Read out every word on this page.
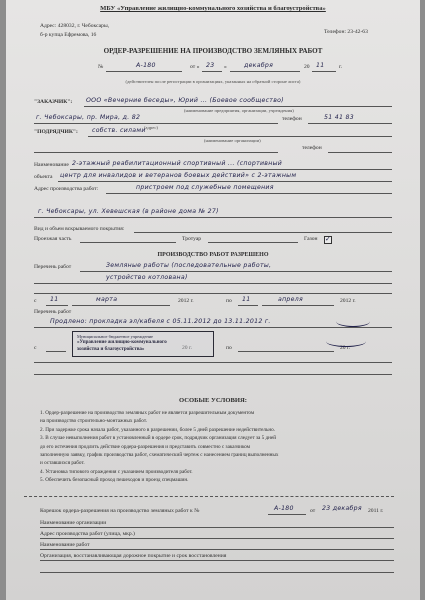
МБУ «Управление жилищно-коммунального хозяйства и благоустройства»
Адрес: 428032, г. Чебоксары,
б-р купца Ефремова, 16	Телефон: 23-42-63
ОРДЕР-РАЗРЕШЕНИЕ НА ПРОИЗВОДСТВО ЗЕМЛЯНЫХ РАБОТ
№	А-180	от « 23 »	декабря	20 11	г.
(действителен после регистрации в организациях, указанных на обратной стороне листа)
"ЗАКАЗЧИК": ООО «Вечерние беседы», Юрий ... (Боевое сообщество)
(наименование предприятия, организации, учреждения)
г. Чебоксары, пр. Мира, д. 82
(адрес)
телефон	51 41 83
"ПОДРЯДЧИК": собств. силами
(наименование организации)
телефон
Наименование 2-этажный реабилитационный спортивный ... (спортивный
объекта центр для инвалидов и ветеранов боевых действий» с 2-этажным
Адрес производства работ:	пристроем под служебные помещения
г. Чебоксары, ул. Хевешская (в районе дома № 27)
Вид и объем вскрываемого покрытия:
Проезжая часть	Тротуар	Газон ✓
ПРОИЗВОДСТВО РАБОТ РАЗРЕШЕНО
Перечень работ	Земляные работы (последовательные работы,
устройство котлована)
с 11	марта	2012 г.	по 11	апреля	2012 г.
Перечень работ
Продлено: прокладка эл/кабеля с 05.11.2012 до 13.11.2012 г.
с	20 г.	по	20 г.
Муниципальное бюджетное учреждение
«Управление жилищно-коммунального
хозяйства и благоустройства»
ОСОБЫЕ УСЛОВИЯ:
1. Ордер-разрешение на производство земляных работ не является разрешительным документом
на производство строительно-монтажных работ.
2. При задержке срока начала работ, указанного в разрешении, более 5 дней разрешение недействительно.
3. В случае невыполнения работ в установленный в ордере срок, подрядчик организация следует за 5 дней
до его истечения продлить действие ордера-разрешения и представить совместно с заказчиком
заполненную заявку, график производства работ, схематический чертеж с нанесением границ выполненных
и оставшихся работ.
4. Установка типового ограждения с указанием производителя работ.
5. Обеспечить безопасный проход пешеходов и проезд спецмашин.
Корешок ордера-разрешения на производство земляных работ к №	А-180	от 23 декабря 2011 г.
Наименование организации
Адрес производства работ (улица, мкр.)
Наименование работ
Организация, восстанавливающая дорожное покрытие и срок восстановления
